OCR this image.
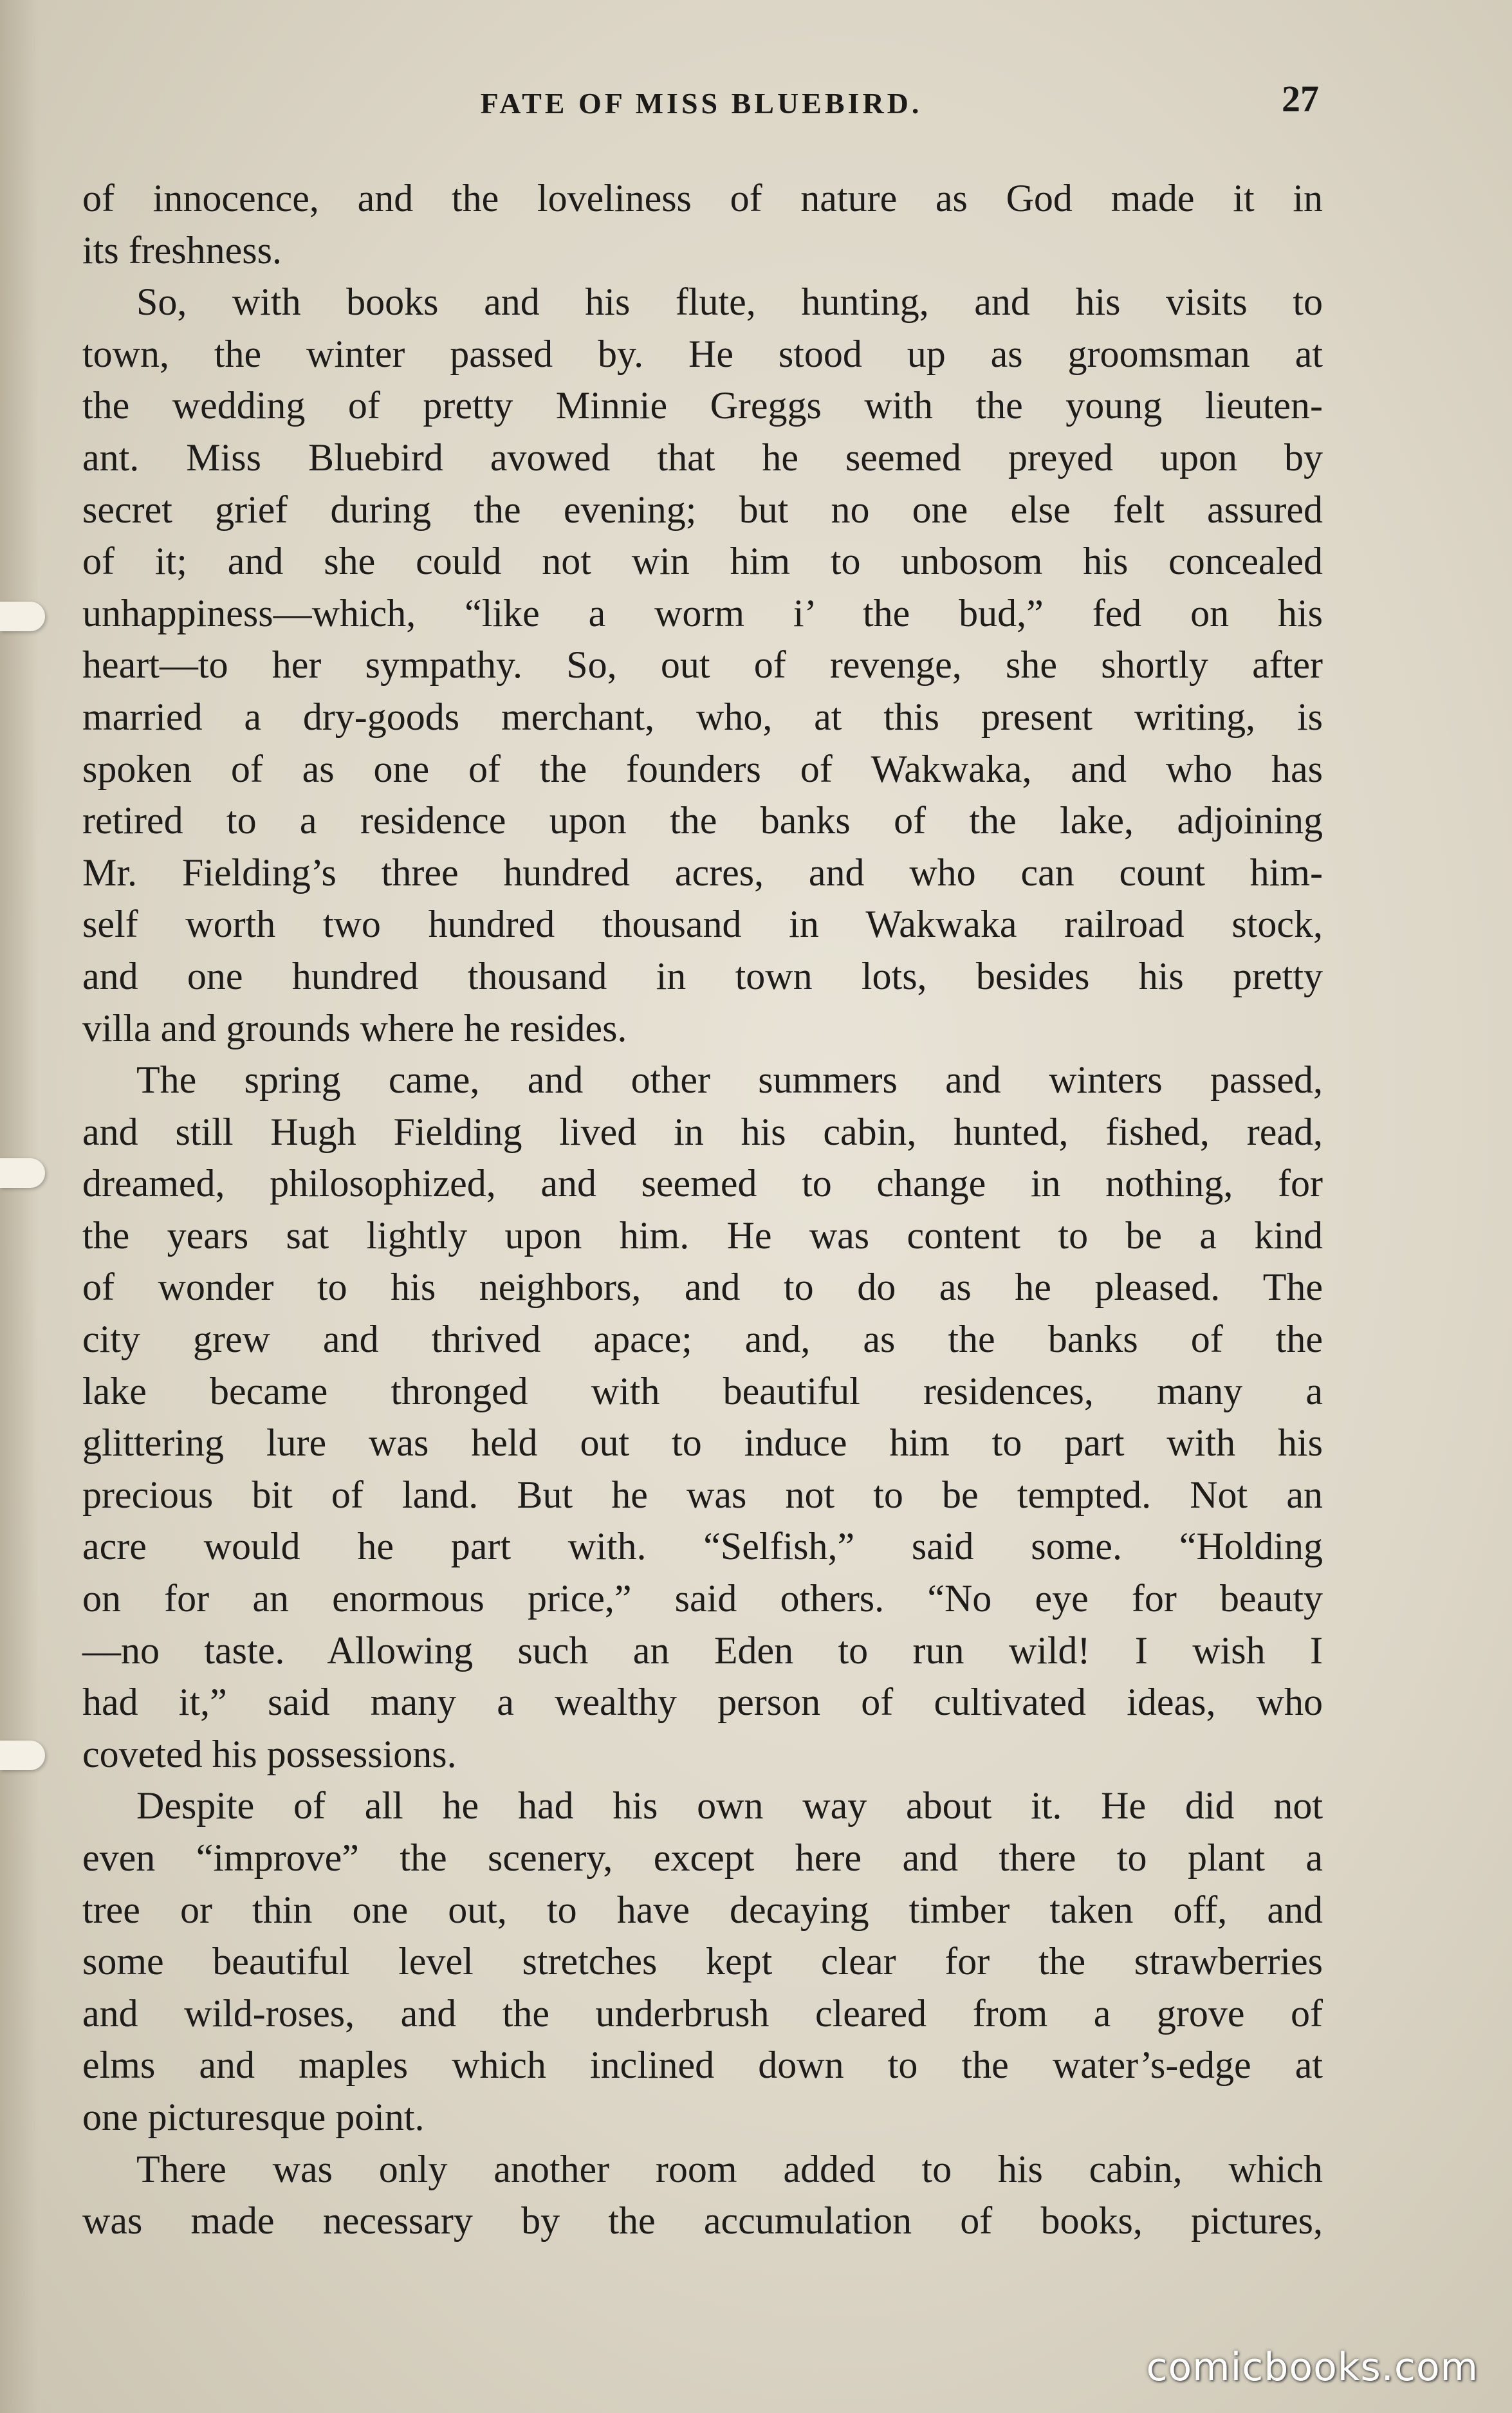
FATE OF MISS BLUEBIRD.	27
of innocence, and the loveliness of nature as God made it in
its freshness.
So, with books and his flute, hunting, and his visits to
town, the winter passed by. He stood up as groomsman at
the wedding of pretty Minnie Greggs with the young lieuten-
ant. Miss Bluebird avowed that he seemed preyed upon by
secret grief during the evening; but no one else felt assured
of it; and she could not win him to unbosom his concealed
unhappiness—which, “like a worm i’ the bud,” fed on his
heart—to her sympathy. So, out of revenge, she shortly after
married a dry-goods merchant, who, at this present writing, is
spoken of as one of the founders of Wakwaka, and who has
retired to a residence upon the banks of the lake, adjoining
Mr. Fielding’s three hundred acres, and who can count him-
self worth two hundred thousand in Wakwaka railroad stock,
and one hundred thousand in town lots, besides his pretty
villa and grounds where he resides.
The spring came, and other summers and winters passed,
and still Hugh Fielding lived in his cabin, hunted, fished, read,
dreamed, philosophized, and seemed to change in nothing, for
the years sat lightly upon him. He was content to be a kind
of wonder to his neighbors, and to do as he pleased. The
city grew and thrived apace; and, as the banks of the
lake became thronged with beautiful residences, many a
glittering lure was held out to induce him to part with his
precious bit of land. But he was not to be tempted. Not an
acre would he part with. “Selfish,” said some. “Holding
on for an enormous price,” said others. “No eye for beauty
—no taste. Allowing such an Eden to run wild! I wish I
had it,” said many a wealthy person of cultivated ideas, who
coveted his possessions.
Despite of all he had his own way about it. He did not
even “improve” the scenery, except here and there to plant a
tree or thin one out, to have decaying timber taken off, and
some beautiful level stretches kept clear for the strawberries
and wild-roses, and the underbrush cleared from a grove of
elms and maples which inclined down to the water’s-edge at
one picturesque point.
There was only another room added to his cabin, which
was made necessary by the accumulation of books, pictures,
comicbooks.com
